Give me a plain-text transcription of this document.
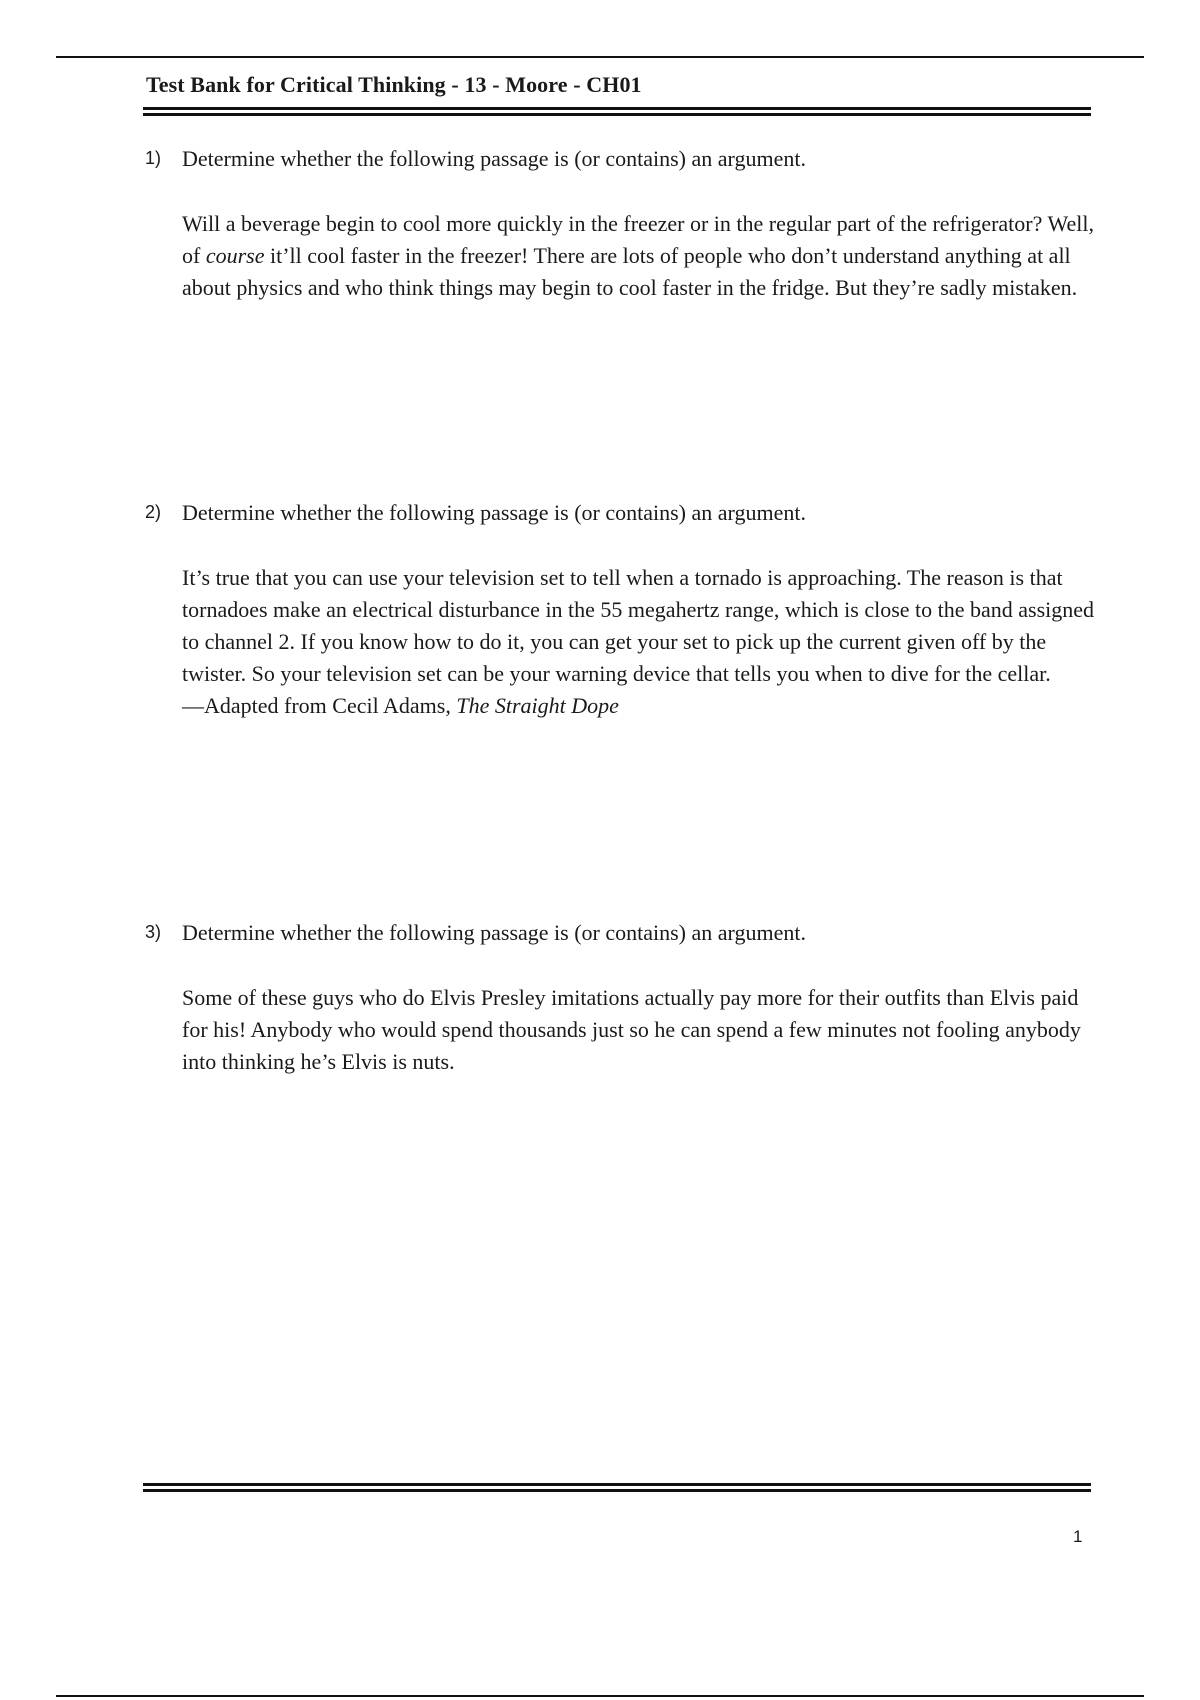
Test Bank for Critical Thinking - 13 - Moore - CH01
1) Determine whether the following passage is (or contains) an argument.

Will a beverage begin to cool more quickly in the freezer or in the regular part of the refrigerator? Well, of course it’ll cool faster in the freezer! There are lots of people who don’t understand anything at all about physics and who think things may begin to cool faster in the fridge. But they’re sadly mistaken.

2) Determine whether the following passage is (or contains) an argument.

It’s true that you can use your television set to tell when a tornado is approaching. The reason is that tornadoes make an electrical disturbance in the 55 megahertz range, which is close to the band assigned to channel 2. If you know how to do it, you can get your set to pick up the current given off by the twister. So your television set can be your warning device that tells you when to dive for the cellar.

—Adapted from Cecil Adams, The Straight Dope

3) Determine whether the following passage is (or contains) an argument.

Some of these guys who do Elvis Presley imitations actually pay more for their outfits than Elvis paid for his! Anybody who would spend thousands just so he can spend a few minutes not fooling anybody into thinking he’s Elvis is nuts.

1
